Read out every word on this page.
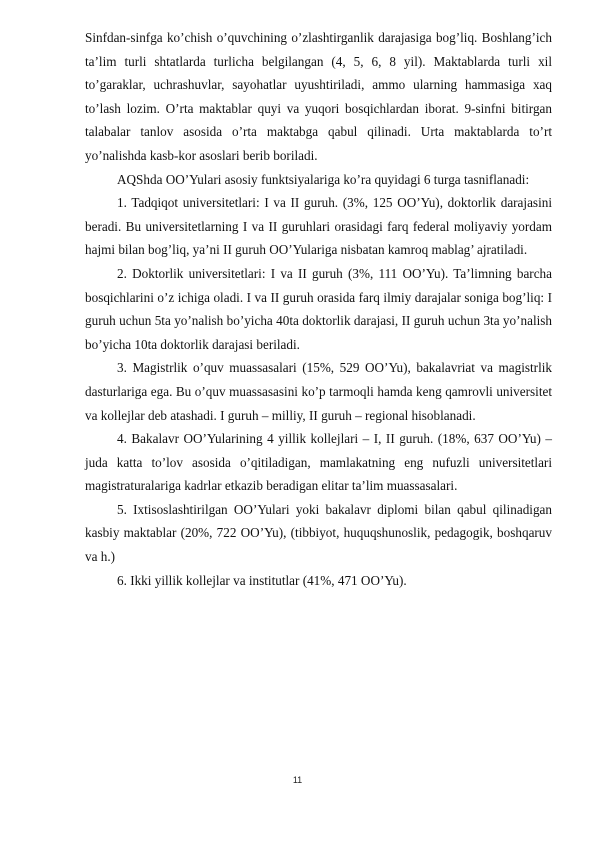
Sinfdan-sinfga ko’chish o’quvchining o’zlashtirganlik darajasiga bog’liq. Boshlang’ich ta’lim turli shtatlarda turlicha belgilangan (4, 5, 6, 8 yil). Maktablarda turli xil to’garaklar, uchrashuvlar, sayohatlar uyushtiriladi, ammo ularning hammasiga xaq to’lash lozim. O’rta maktablar quyi va yuqori bosqichlardan iborat. 9-sinfni bitirgan talabalar tanlov asosida o’rta maktabga qabul qilinadi. Urta maktablarda to’rt yo’nalishda kasb-kor asoslari berib boriladi.

AQShda OO’Yulari asosiy funktsiyalariga ko’ra quyidagi 6 turga tasniflanadi:

1. Tadqiqot universitetlari: I va II guruh. (3%, 125 OO’Yu), doktorlik darajasini beradi. Bu universitetlarning I va II guruhlari orasidagi farq federal moliyaviy yordam hajmi bilan bog’liq, ya’ni II guruh OO’Yulariga nisbatan kamroq mablag’ ajratiladi.

2. Doktorlik universitetlari: I va II guruh (3%, 111 OO’Yu). Ta’limning barcha bosqichlarini o’z ichiga oladi. I va II guruh orasida farq ilmiy darajalar soniga bog’liq: I guruh uchun 5ta yo’nalish bo’yicha 40ta doktorlik darajasi, II guruh uchun 3ta yo’nalish bo’yicha 10ta doktorlik darajasi beriladi.

3. Magistrlik o’quv muassasalari (15%, 529 OO’Yu), bakalavriat va magistrlik dasturlariga ega. Bu o’quv muassasasini ko’p tarmoqli hamda keng qamrovli universitet va kollejlar deb atashadi. I guruh – milliy, II guruh – regional hisoblanadi.

4. Bakalavr OO’Yularining 4 yillik kollejlari – I, II guruh. (18%, 637 OO’Yu) – juda katta to’lov asosida o’qitiladigan, mamlakatning eng nufuzli universitetlari magistraturalariga kadrlar etkazib beradigan elitar ta’lim muassasalari.

5. Ixtisoslashtirilgan OO’Yulari yoki bakalavr diplomi bilan qabul qilinadigan kasbiy maktablar (20%, 722 OO’Yu), (tibbiyot, huquqshunoslik, pedagogik, boshqaruv va h.)

6. Ikki yillik kollejlar va institutlar (41%, 471 OO’Yu).

11
